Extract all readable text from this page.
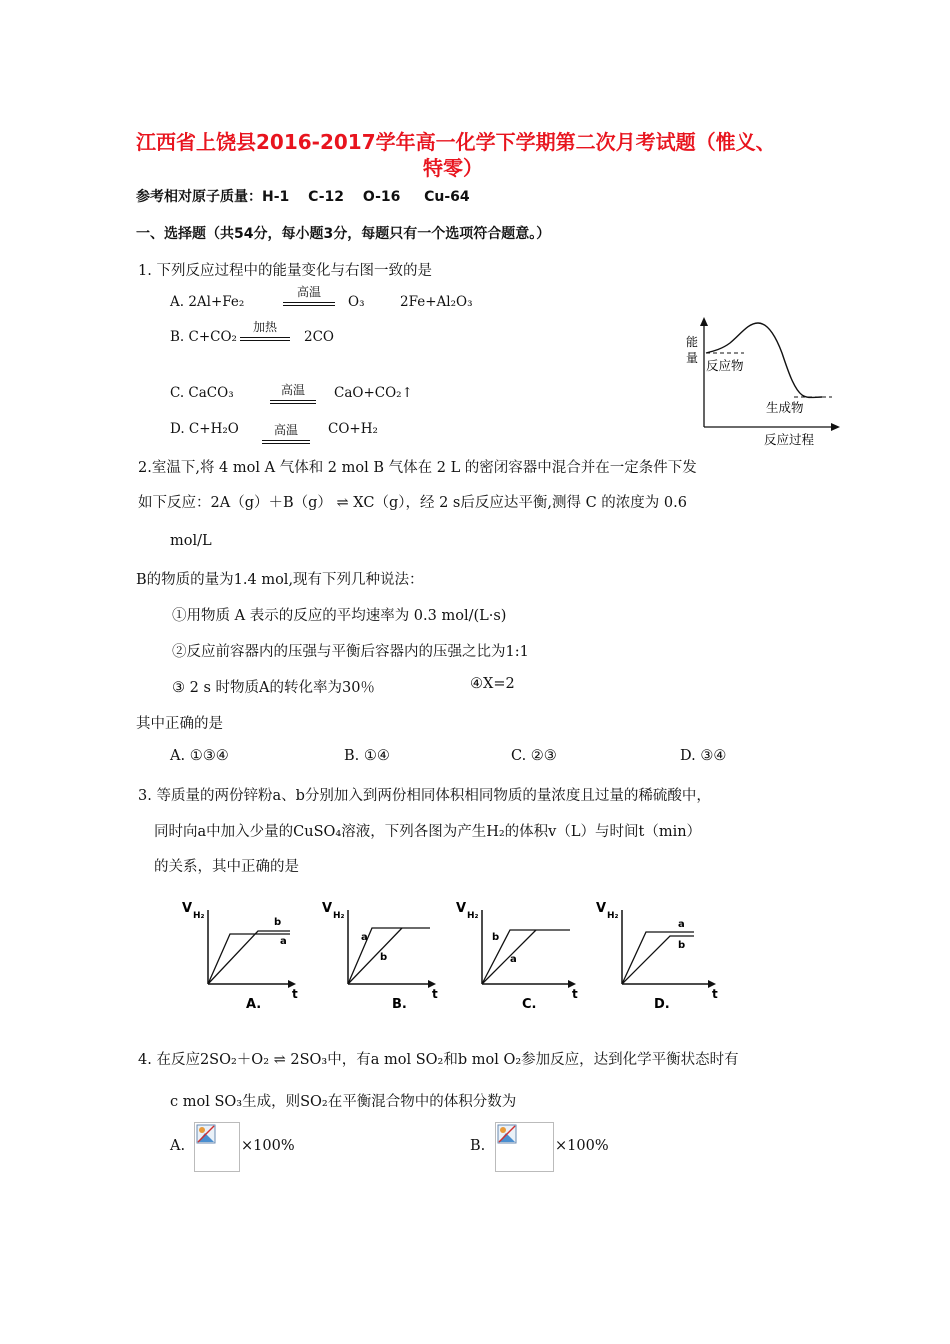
江西省上饶县2016-2017学年高一化学下学期第二次月考试题（惟义、
特零）
参考相对原子质量：H-1　 C-12 　O-16 　 Cu-64
一、选择题（共54分，每小题3分，每题只有一个选项符合题意。）
1. 下列反应过程中的能量变化与右图一致的是
A. 2Al+Fe₂
高温
O₃	2Fe+Al₂O₃
B. C+CO₂
加热
2CO
C. CaCO₃	高温	CaO+CO₂↑
D. C+H₂O	高温	CO+H₂
能
量 反应物
生成物
反应过程
2.室温下,将 4 mol A 气体和 2 mol B 气体在 2 L 的密闭容器中混合并在一定条件下发
如下反应：2A（g）＋B（g） ⇌ XC（g），经 2 s后反应达平衡,测得 C 的浓度为 0.6
mol/L
B的物质的量为1.4 mol,现有下列几种说法：
①用物质 A 表示的反应的平均速率为 0.3 mol/(L·s)
②反应前容器内的压强与平衡后容器内的压强之比为1:1
③ 2 s 时物质A的转化率为30％	④X=2
其中正确的是
A. ①③④	B. ①④	C. ②③	D. ③④
3. 等质量的两份锌粉a、b分别加入到两份相同体积相同物质的量浓度且过量的稀硫酸中，
同时向a中加入少量的CuSO₄溶液，下列各图为产生H₂的体积v（L）与时间t（min）
的关系，其中正确的是
V H₂
t
b
a
A.
V H₂
t
a
b
B.
V H₂
t
b
a
C.
V H₂
t
a
b
D.
4. 在反应2SO₂＋O₂ ⇌ 2SO₃中，有a mol SO₂和b mol O₂参加反应，达到化学平衡状态时有
c mol SO₃生成，则SO₂在平衡混合物中的体积分数为
A.	×100%	B.	×100%
